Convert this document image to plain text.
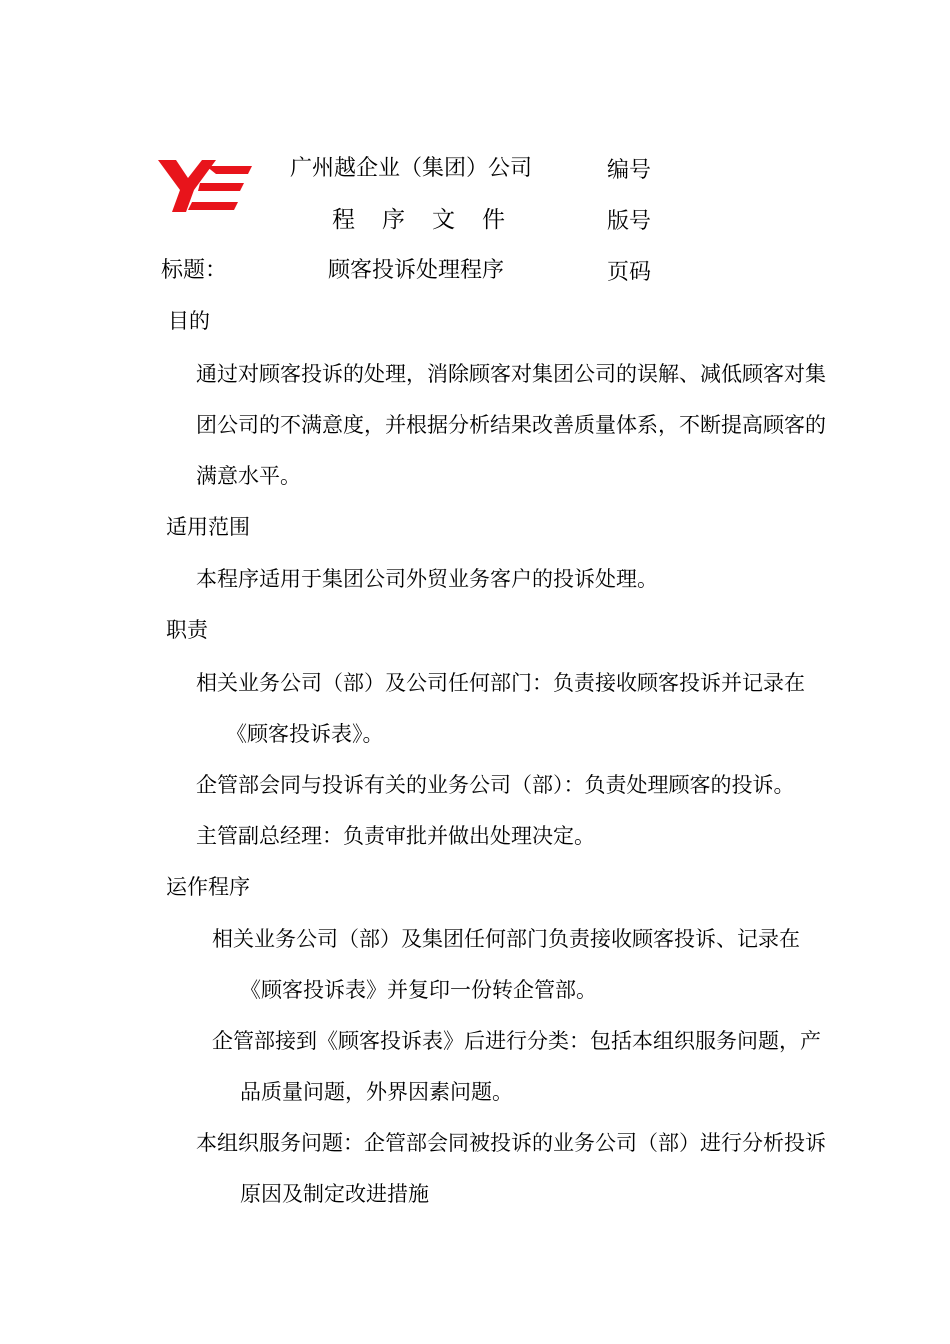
广州越企业（集团）公司
程序文件
编号
版号
页码
标题：	顾客投诉处理程序
目的
通过对顾客投诉的处理，消除顾客对集团公司的误解、减低顾客对集
团公司的不满意度，并根据分析结果改善质量体系，不断提高顾客的
满意水平。
适用范围
本程序适用于集团公司外贸业务客户的投诉处理。
职责
相关业务公司（部）及公司任何部门：负责接收顾客投诉并记录在
《顾客投诉表》。
企管部会同与投诉有关的业务公司（部）：负责处理顾客的投诉。
主管副总经理：负责审批并做出处理决定。
运作程序
相关业务公司（部）及集团任何部门负责接收顾客投诉、记录在
《顾客投诉表》并复印一份转企管部。
企管部接到《顾客投诉表》后进行分类：包括本组织服务问题，产
品质量问题，外界因素问题。
本组织服务问题：企管部会同被投诉的业务公司（部）进行分析投诉
原因及制定改进措施
